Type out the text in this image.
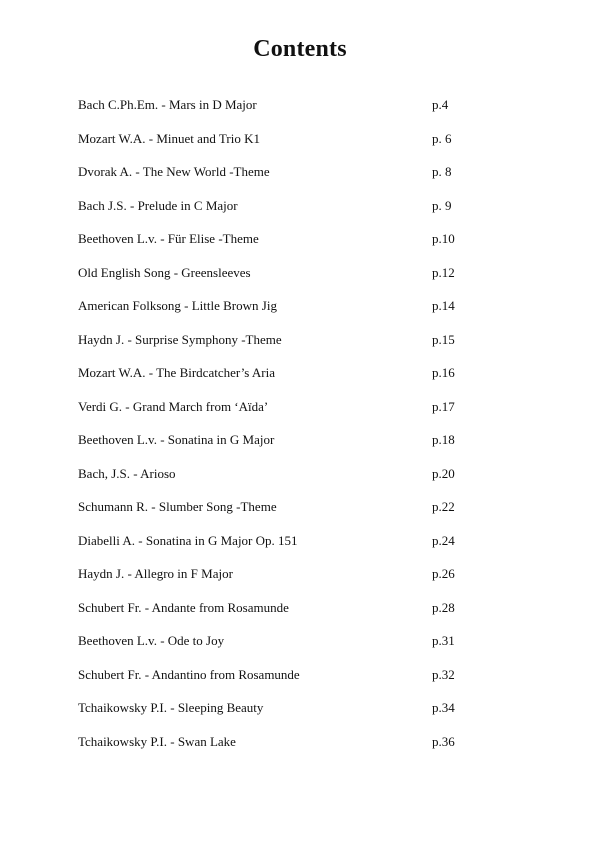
Contents
Bach C.Ph.Em. - Mars in D Major	p.4
Mozart W.A. - Minuet and Trio K1	p. 6
Dvorak A. - The New World -Theme	p. 8
Bach J.S. - Prelude in C Major	p. 9
Beethoven L.v. - Für Elise -Theme	p.10
Old English Song - Greensleeves	p.12
American Folksong - Little Brown Jig	p.14
Haydn J. - Surprise Symphony -Theme	p.15
Mozart W.A. - The Birdcatcher’s Aria	p.16
Verdi G. - Grand March from ‘Aïda’	p.17
Beethoven L.v. - Sonatina in G Major	p.18
Bach, J.S. - Arioso	p.20
Schumann R. - Slumber Song -Theme	p.22
Diabelli A. - Sonatina in G Major Op. 151	p.24
Haydn J. - Allegro in F Major	p.26
Schubert Fr. - Andante from Rosamunde	p.28
Beethoven L.v. - Ode to Joy	p.31
Schubert Fr. - Andantino from Rosamunde	p.32
Tchaikowsky P.I. - Sleeping Beauty	p.34
Tchaikowsky P.I. - Swan Lake	p.36
